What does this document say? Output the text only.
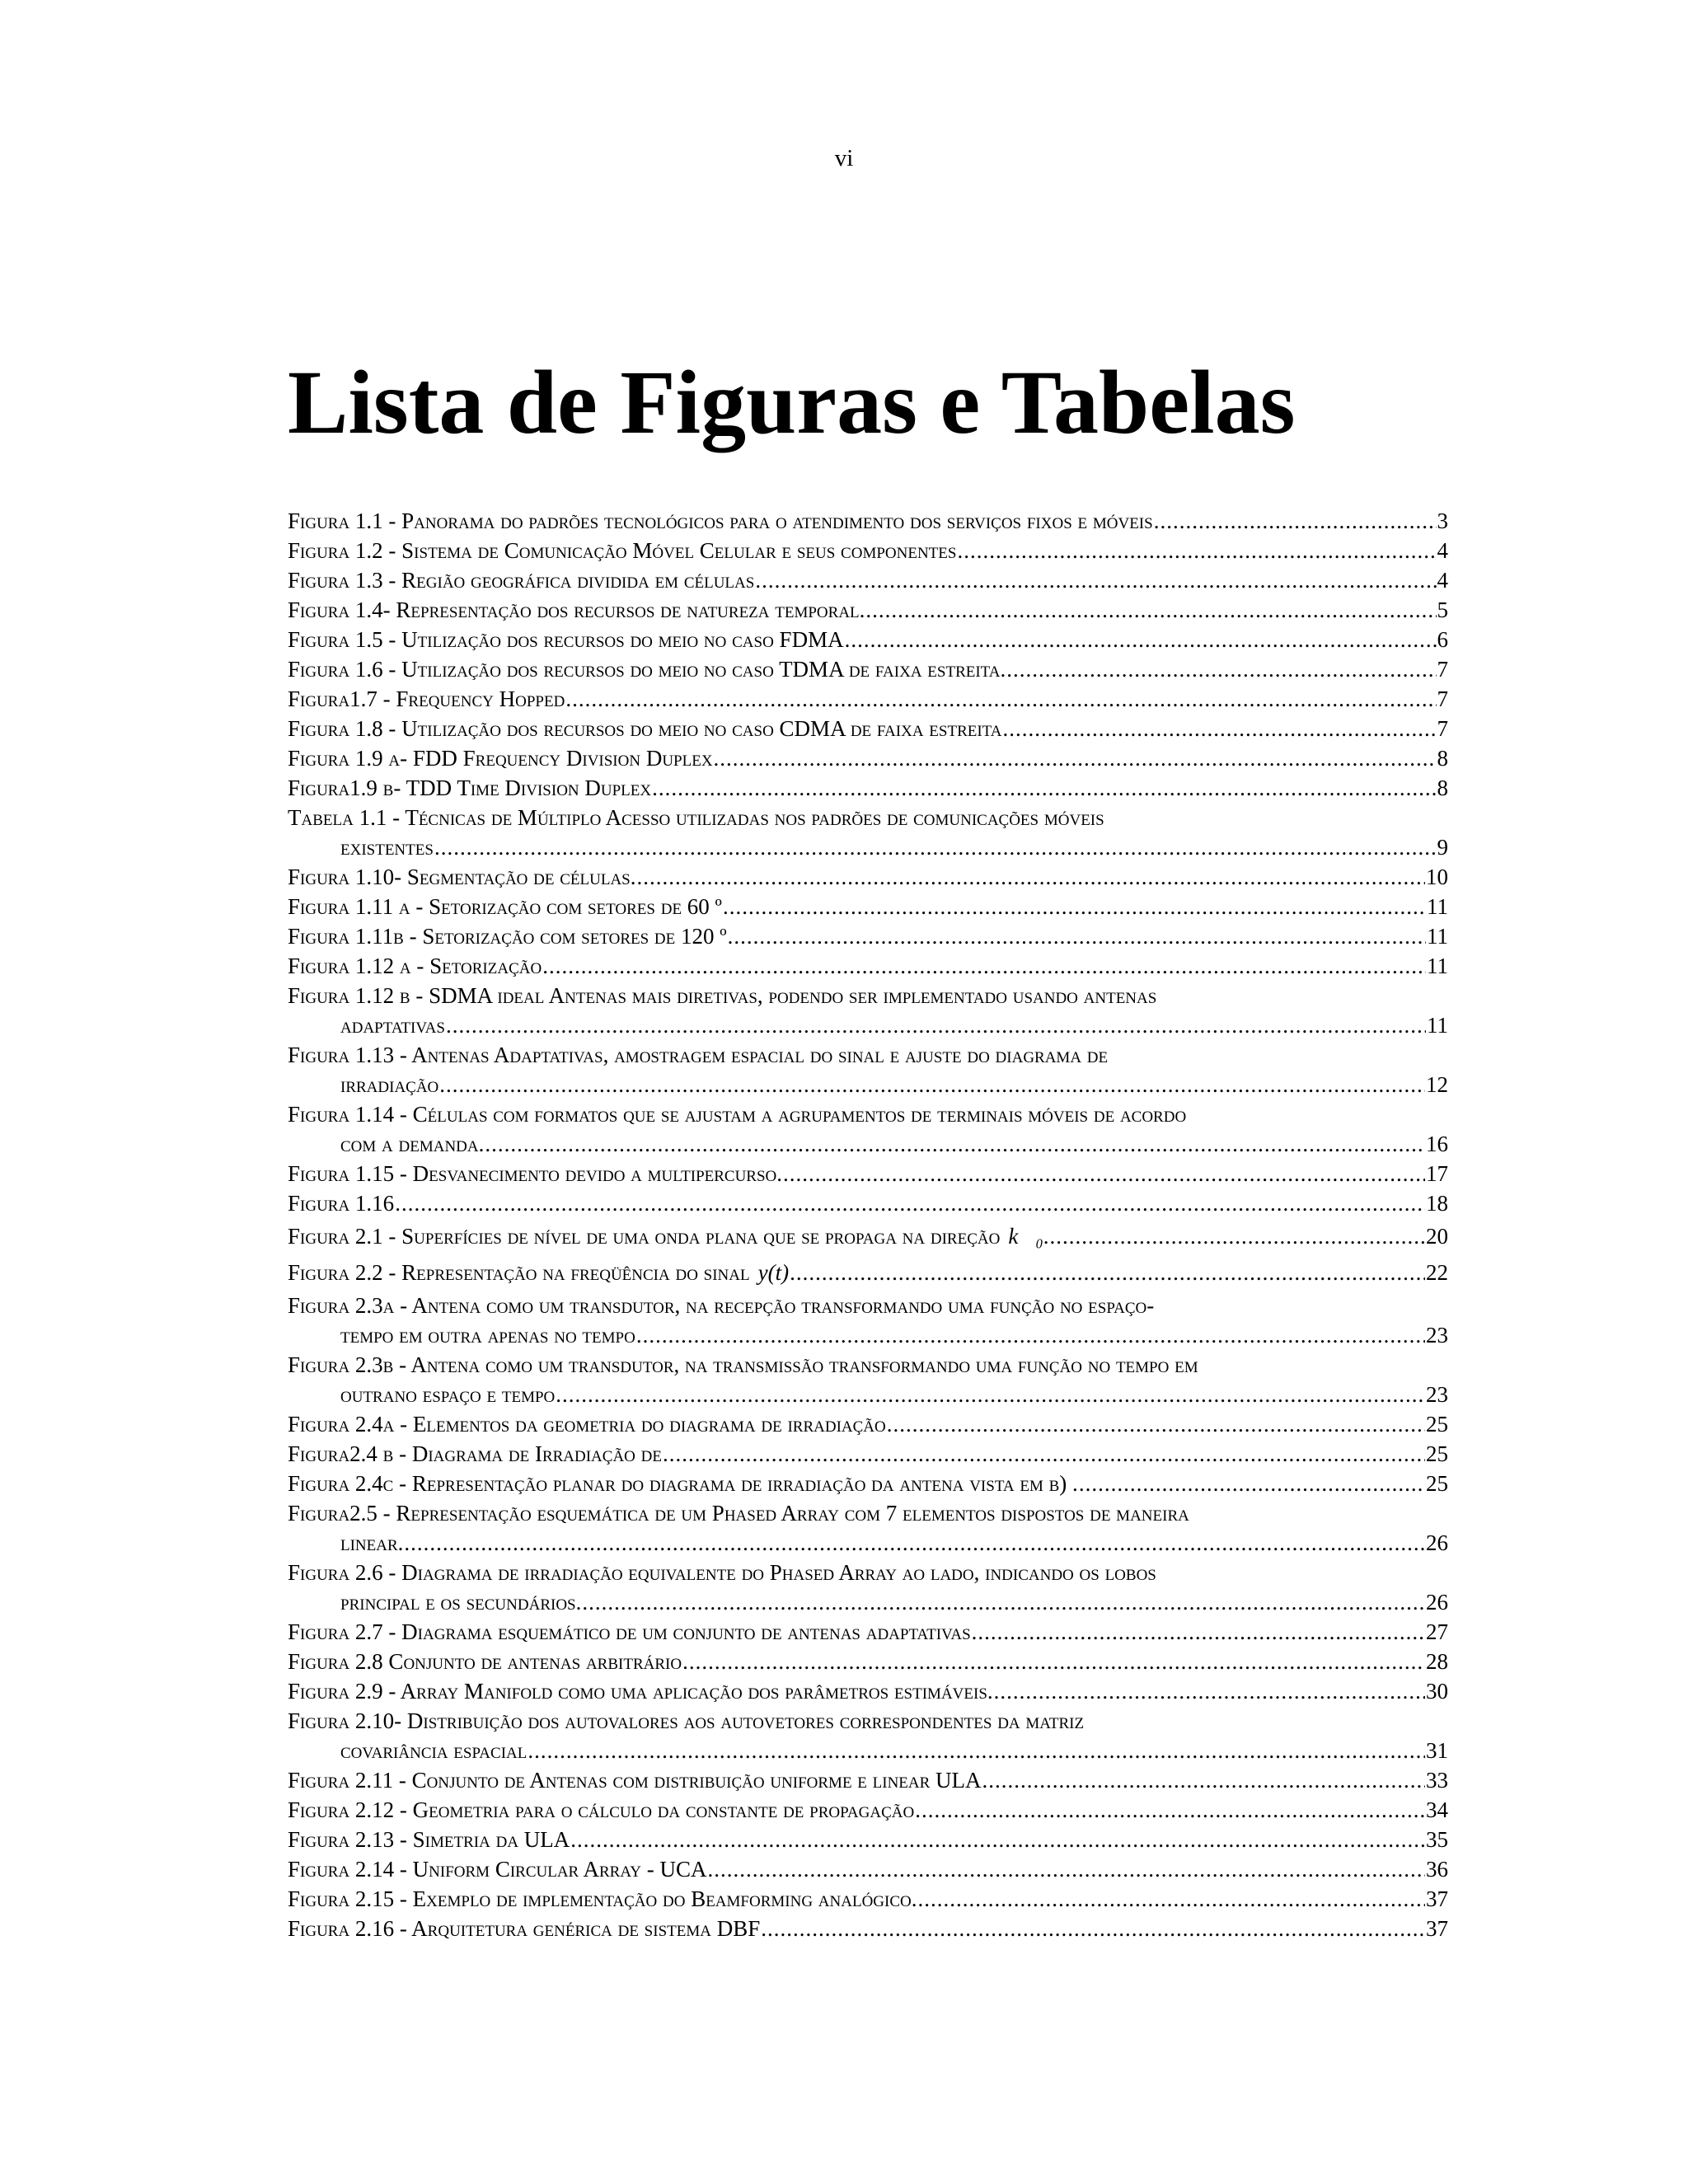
vi
Lista de Figuras e Tabelas
Figura 1.1 - Panorama do padrões tecnológicos para o atendimento dos serviços fixos e móveis .....	3
Figura 1.2 - Sistema de Comunicação Móvel Celular e seus componentes .....	4
Figura 1.3 - Região geográfica dividida em células .....	4
Figura 1.4- Representação dos recursos de natureza temporal. .....	5
Figura 1.5 - Utilização dos recursos do meio no caso FDMA .....	6
Figura 1.6 - Utilização dos recursos do meio no caso TDMA de faixa estreita. .....	7
Figura1.7 - Frequency Hopped .....	7
Figura 1.8 - Utilização dos recursos do meio no caso CDMA de faixa estreita .....	7
Figura 1.9 a- FDD Frequency Division Duplex .....	8
Figura1.9 b- TDD Time Division Duplex .....	8
Tabela 1.1 - Técnicas de Múltiplo Acesso utilizadas nos padrões de comunicações móveis
existentes .....	9
Figura 1.10- Segmentação de células. .....	10
Figura 1.11 a - Setorização com setores de 60 º .....	11
Figura 1.11b - Setorização com setores de 120 º .....	11
Figura 1.12 a - Setorização .....	11
Figura 1.12 b - SDMA ideal Antenas mais diretivas, podendo ser implementado usando antenas
adaptativas .....	11
Figura 1.13 - Antenas Adaptativas, amostragem espacial do sinal e ajuste do diagrama de
irradiação .....	12
Figura 1.14 - Células com formatos que se ajustam a agrupamentos de terminais móveis de acordo
com a demanda. .....	16
Figura 1.15 - Desvanecimento devido a multipercurso. .....	17
Figura 1.16 .....	18
Figura 2.1 - Superfícies de nível de uma onda plana que se propaga na direção k⃗₀ . .....	20
Figura 2.2 - Representação na freqüência do sinal y(t) .....	22
Figura 2.3a - Antena como um transdutor, na recepção transformando uma função no espaço-
tempo em outra apenas no tempo .....	23
Figura 2.3b - Antena como um transdutor, na transmissão transformando uma função no tempo em
outrano espaço e tempo .....	23
Figura 2.4a - Elementos da geometria do diagrama de irradiação .....	25
Figura2.4 b - Diagrama de Irradiação de .....	25
Figura 2.4c - Representação planar do diagrama de irradiação da antena vista em b) . .....	25
Figura2.5 - Representação esquemática de um Phased Array com 7 elementos dispostos de maneira
linear. .....	26
Figura 2.6 - Diagrama de irradiação equivalente do Phased Array ao lado, indicando os lobos
principal e os secundários. .....	26
Figura 2.7 - Diagrama esquemático de um conjunto de antenas adaptativas .....	27
Figura 2.8 Conjunto de antenas arbitrário .....	28
Figura 2.9 - Array Manifold como uma aplicação dos parâmetros estimáveis. .....	30
Figura 2.10- Distribuição dos autovalores aos autovetores correspondentes da matriz
covariância espacial .....	31
Figura 2.11 - Conjunto de Antenas com distribuição uniforme e linear ULA .....	33
Figura 2.12 - Geometria para o cálculo da constante de propagação .....	34
Figura 2.13 - Simetria da ULA .....	35
Figura 2.14 - Uniform Circular Array - UCA .....	36
Figura 2.15 - Exemplo de implementação do Beamforming analógico. .....	37
Figura 2.16 - Arquitetura genérica de sistema DBF .....	37
